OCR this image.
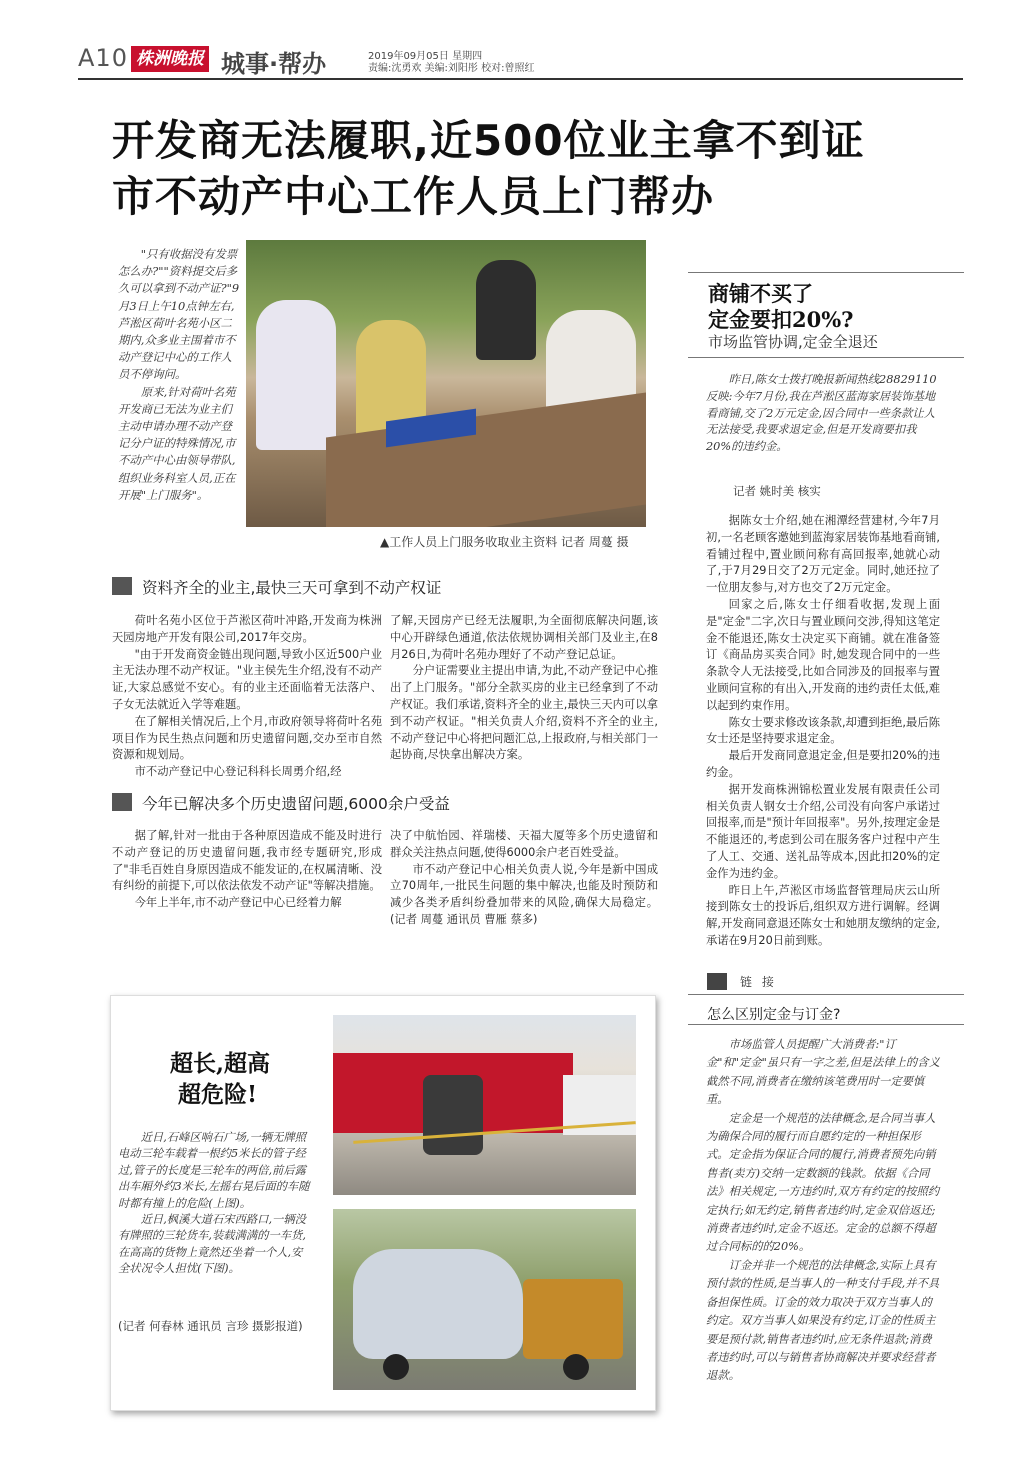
A10 株洲晚报 城事·帮办	2019年09月05日 星期四
责编:沈勇欢 美编:刘阳彤 校对:曾照红
开发商无法履职,近500位业主拿不到证
市不动产中心工作人员上门帮办

"只有收据没有发票怎么办?""资料提交后多久可以拿到不动产证?"9月3日上午10点钟左右,芦淞区荷叶名苑小区二期内,众多业主围着市不动产登记中心的工作人员不停询问。

原来,针对荷叶名苑开发商已无法为业主们主动申请办理不动产登记分户证的特殊情况,市不动产中心由领导带队,组织业务科室人员,正在开展"上门服务"。

▲工作人员上门服务收取业主资料 记者 周蔓 摄
资料齐全的业主,最快三天可拿到不动产权证

荷叶名苑小区位于芦淞区荷叶冲路,开发商为株洲天园房地产开发有限公司,2017年交房。

"由于开发商资金链出现问题,导致小区近500户业主无法办理不动产权证。"业主侯先生介绍,没有不动产证,大家总感觉不安心。有的业主还面临着无法落户、子女无法就近入学等难题。

在了解相关情况后,上个月,市政府领导将荷叶名苑项目作为民生热点问题和历史遗留问题,交办至市自然资源和规划局。

市不动产登记中心登记科科长周勇介绍,经

了解,天园房产已经无法履职,为全面彻底解决问题,该中心开辟绿色通道,依法依规协调相关部门及业主,在8月26日,为荷叶名苑办理好了不动产登记总证。

分户证需要业主提出申请,为此,不动产登记中心推出了上门服务。"部分全款买房的业主已经拿到了不动产权证。我们承诺,资料齐全的业主,最快三天内可以拿到不动产权证。"相关负责人介绍,资料不齐全的业主,不动产登记中心将把问题汇总,上报政府,与相关部门一起协商,尽快拿出解决方案。

今年已解决多个历史遗留问题,6000余户受益

据了解,针对一批由于各种原因造成不能及时进行不动产登记的历史遗留问题,我市经专题研究,形成了"非毛百姓自身原因造成不能发证的,在权属清晰、没有纠纷的前提下,可以依法依发不动产证"等解决措施。

今年上半年,市不动产登记中心已经着力解

决了中航怡园、祥瑞楼、天福大厦等多个历史遗留和群众关注热点问题,使得6000余户老百姓受益。

市不动产登记中心相关负责人说,今年是新中国成立70周年,一批民生问题的集中解决,也能及时预防和减少各类矛盾纠纷叠加带来的风险,确保大局稳定。 (记者 周蔓 通讯员 曹雁 蔡多)

商铺不买了
定金要扣20%?
市场监管协调,定金全退还

昨日,陈女士拨打晚报新闻热线28829110反映:今年7月份,我在芦淞区蓝海家居装饰基地看商铺,交了2万元定金,因合同中一些条款让人无法接受,我要求退定金,但是开发商要扣我20%的违约金。

记者 姚时美 核实

据陈女士介绍,她在湘潭经营建材,今年7月初,一名老顾客邀她到蓝海家居装饰基地看商铺,看铺过程中,置业顾问称有高回报率,她就心动了,于7月29日交了2万元定金。同时,她还拉了一位朋友参与,对方也交了2万元定金。

回家之后,陈女士仔细看收据,发现上面是"定金"二字,次日与置业顾问交涉,得知这笔定金不能退还,陈女士决定买下商铺。就在准备签订《商品房买卖合同》时,她发现合同中的一些条款令人无法接受,比如合同涉及的回报率与置业顾问宣称的有出入,开发商的违约责任太低,难以起到约束作用。

陈女士要求修改该条款,却遭到拒绝,最后陈女士还是坚持要求退定金。

最后开发商同意退定金,但是要扣20%的违约金。

据开发商株洲锦松置业发展有限责任公司相关负责人钢女士介绍,公司没有向客户承诺过回报率,而是"预计年回报率"。另外,按理定金是不能退还的,考虑到公司在服务客户过程中产生了人工、交通、送礼品等成本,因此扣20%的定金作为违约金。

昨日上午,芦淞区市场监督管理局庆云山所接到陈女士的投诉后,组织双方进行调解。经调解,开发商同意退还陈女士和她朋友缴纳的定金,承诺在9月20日前到账。

链 接
怎么区别定金与订金?

市场监管人员提醒广大消费者:"订金"和"定金"虽只有一字之差,但是法律上的含义截然不同,消费者在缴纳该笔费用时一定要慎重。

定金是一个规范的法律概念,是合同当事人为确保合同的履行而自愿约定的一种担保形式。定金指为保证合同的履行,消费者预先向销售者(卖方)交纳一定数额的钱款。依据《合同法》相关规定,一方违约时,双方有约定的按照约定执行;如无约定,销售者违约时,定金双倍返还;消费者违约时,定金不返还。定金的总额不得超过合同标的的20%。

订金并非一个规范的法律概念,实际上具有预付款的性质,是当事人的一种支付手段,并不具备担保性质。订金的效力取决于双方当事人的约定。双方当事人如果没有约定,订金的性质主要是预付款,销售者违约时,应无条件退款;消费者违约时,可以与销售者协商解决并要求经营者退款。

超长,超高
超危险!

近日,石峰区响石广场,一辆无牌照电动三轮车载着一根约5米长的管子经过,管子的长度是三轮车的两倍,前后露出车厢外约3米长,左摇右晃后面的车随时都有撞上的危险(上图)。

近日,枫溪大道石宋西路口,一辆没有牌照的三轮货车,装载满满的一车货,在高高的货物上竟然还坐着一个人,安全状况令人担忧(下图)。

(记者 何春林 通讯员 言珍 摄影报道)
